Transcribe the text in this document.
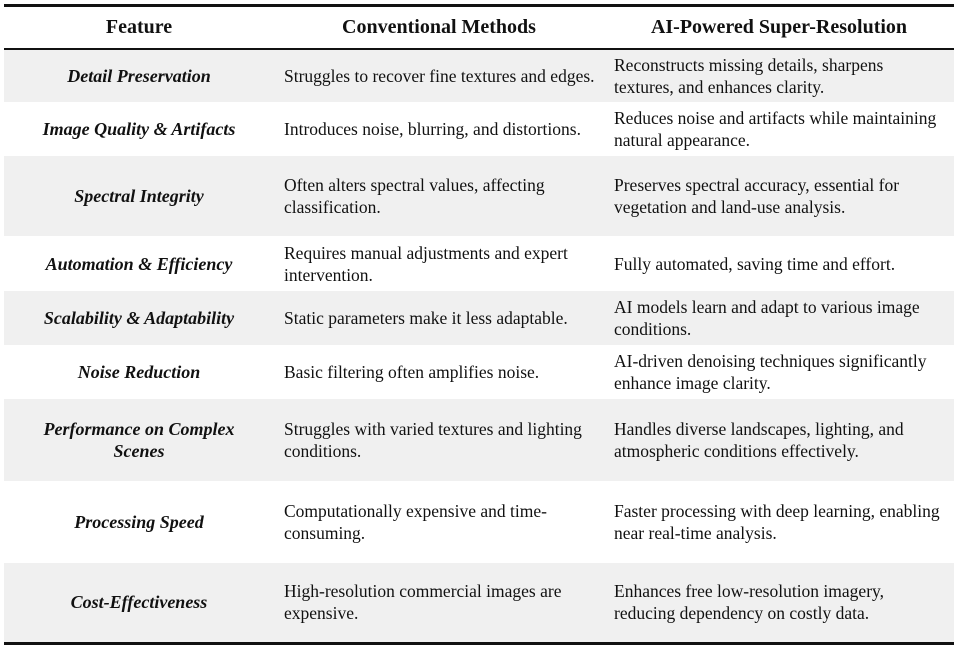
Feature	Conventional Methods	AI-Powered Super-Resolution
Detail Preservation	Struggles to recover fine textures and edges.	Reconstructs missing details, sharpens textures, and enhances clarity.
Image Quality & Artifacts	Introduces noise, blurring, and distortions.	Reduces noise and artifacts while maintaining natural appearance.
Spectral Integrity	Often alters spectral values, affecting classification.	Preserves spectral accuracy, essential for vegetation and land-use analysis.
Automation & Efficiency	Requires manual adjustments and expert intervention.	Fully automated, saving time and effort.
Scalability & Adaptability	Static parameters make it less adaptable.	AI models learn and adapt to various image conditions.
Noise Reduction	Basic filtering often amplifies noise.	AI-driven denoising techniques significantly enhance image clarity.
Performance on Complex Scenes	Struggles with varied textures and lighting conditions.	Handles diverse landscapes, lighting, and atmospheric conditions effectively.
Processing Speed	Computationally expensive and time-consuming.	Faster processing with deep learning, enabling near real-time analysis.
Cost-Effectiveness	High-resolution commercial images are expensive.	Enhances free low-resolution imagery, reducing dependency on costly data.
